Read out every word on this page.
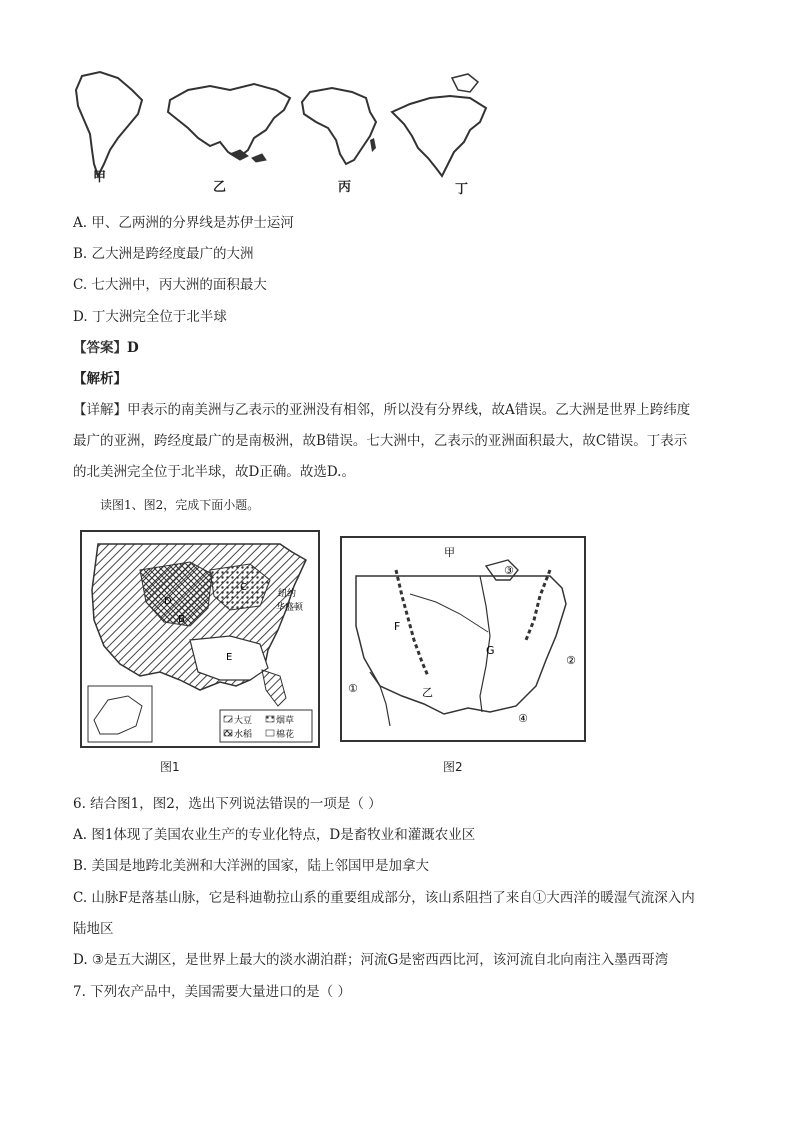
甲
乙	丙	丁
A. 甲、乙两洲的分界线是苏伊士运河
B. 乙大洲是跨经度最广的大洲
C. 七大洲中，丙大洲的面积最大
D. 丁大洲完全位于北半球
【答案】D
【解析】
【详解】甲表示的南美洲与乙表示的亚洲没有相邻，所以没有分界线，故A错误。乙大洲是世界上跨纬度
最广的亚洲，跨经度最广的是南极洲，故B错误。七大洲中，乙表示的亚洲面积最大，故C错误。丁表示
的北美洲完全位于北半球，故D正确。故选D.。
读图1、图2，完成下面小题。
D
B
E
C
纽约
华盛顿
大豆	烟草
水稻	棉花
图1
甲
F
G
乙
①
②
③
④
图2
6. 结合图1，图2，选出下列说法错误的一项是（ ）
A. 图1体现了美国农业生产的专业化特点，D是畜牧业和灌溉农业区
B. 美国是地跨北美洲和大洋洲的国家，陆上邻国甲是加拿大
C. 山脉F是落基山脉，它是科迪勒拉山系的重要组成部分，该山系阻挡了来自①大西洋的暖湿气流深入内
陆地区
D. ③是五大湖区，是世界上最大的淡水湖泊群；河流G是密西西比河，该河流自北向南注入墨西哥湾
7. 下列农产品中，美国需要大量进口的是（ ）
